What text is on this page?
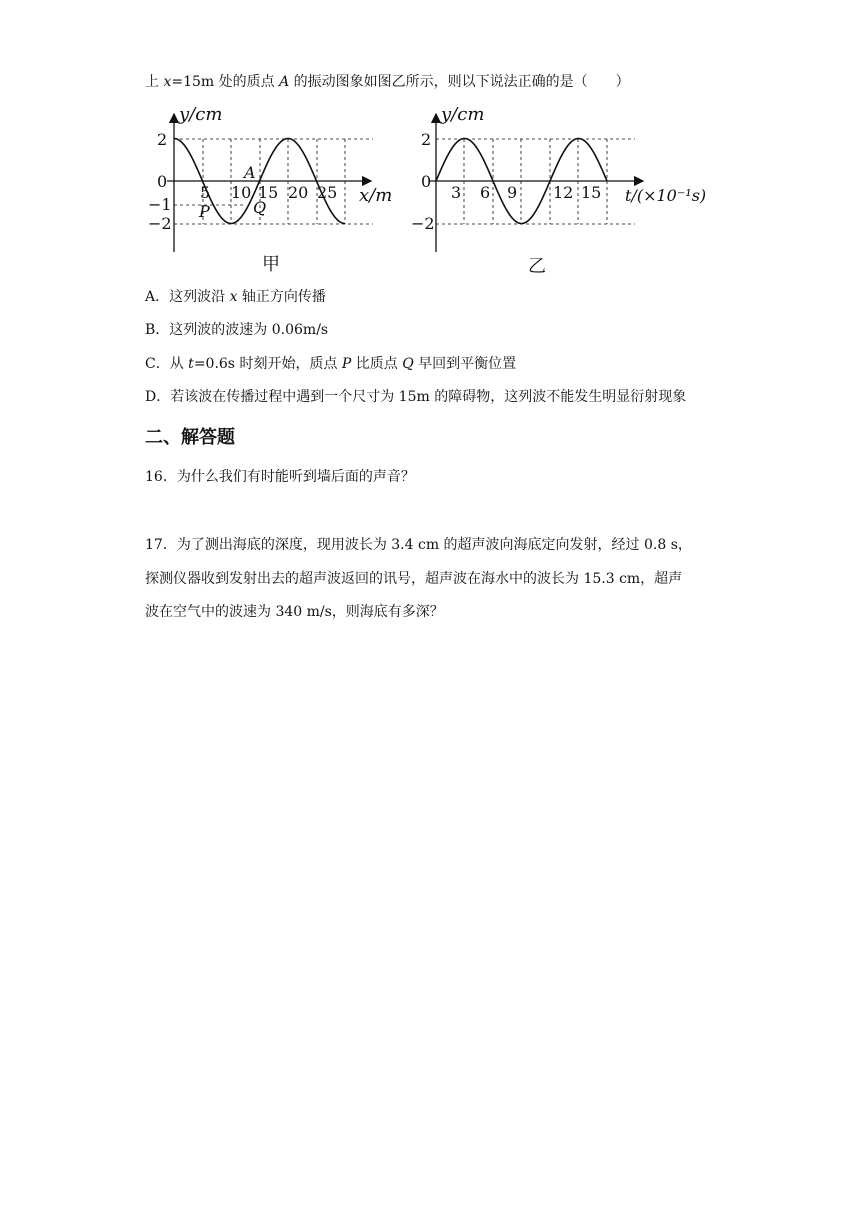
上 x=15m 处的质点 A 的振动图象如图乙所示，则以下说法正确的是（　　）
y/cm
x/m
2
0
−1
−2
5 10 15 20 25
A
P	Q
甲
y/cm
t/(×10⁻¹s)
2
0
−2
3 6 9 12 15
乙
A．这列波沿 x 轴正方向传播
B．这列波的波速为 0.06m/s
C．从 t=0.6s 时刻开始，质点 P 比质点 Q 早回到平衡位置
D．若该波在传播过程中遇到一个尺寸为 15m 的障碍物，这列波不能发生明显衍射现象
二、解答题
16．为什么我们有时能听到墙后面的声音？
17．为了测出海底的深度，现用波长为 3.4 cm 的超声波向海底定向发射，经过 0.8 s，
探测仪器收到发射出去的超声波返回的讯号，超声波在海水中的波长为 15.3 cm，超声
波在空气中的波速为 340 m/s，则海底有多深？
